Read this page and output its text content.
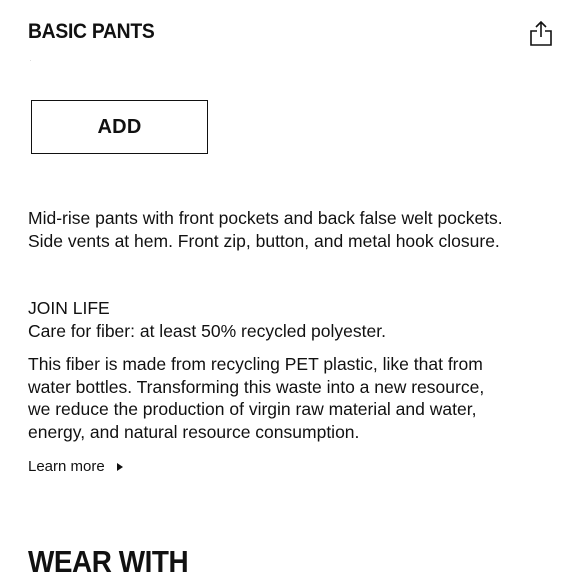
BASIC PANTS
ADD

Mid-rise pants with front pockets and back false welt pockets.
Side vents at hem. Front zip, button, and metal hook closure.

JOIN LIFE
Care for fiber: at least 50% recycled polyester.

This fiber is made from recycling PET plastic, like that from
water bottles. Transforming this waste into a new resource,
we reduce the production of virgin raw material and water,
energy, and natural resource consumption.

Learn more
WEAR WITH
